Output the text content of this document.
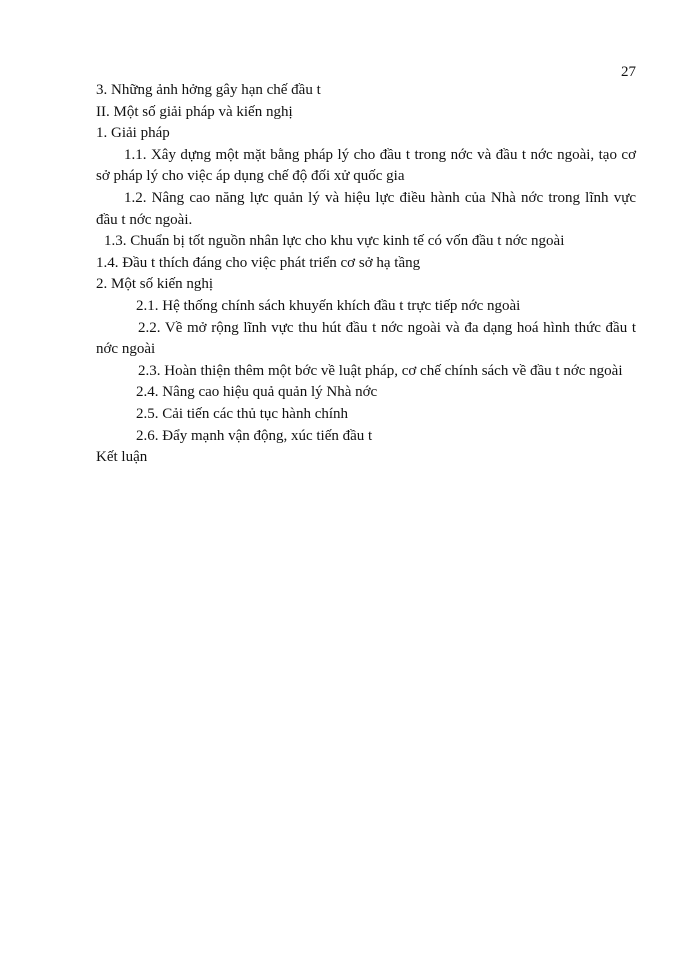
27

3. Những ảnh hởng gây hạn chế đầu t

II. Một số giải pháp và kiến nghị

1. Giải pháp

1.1. Xây dựng một mặt bằng pháp lý cho đầu t trong nớc và đầu t nớc ngoài, tạo cơ sở pháp lý cho việc áp dụng chế độ đối xử quốc gia

1.2. Nâng cao năng lực quản lý và hiệu lực điều hành của Nhà nớc trong lĩnh vực đầu t nớc ngoài.

1.3. Chuẩn bị tốt nguồn nhân lực cho khu vực kinh tế có vốn đầu t nớc ngoài

1.4. Đầu t thích đáng cho việc phát triển cơ sở hạ tầng

2. Một số kiến nghị

2.1. Hệ thống chính sách khuyến khích đầu t trực tiếp nớc ngoài

2.2. Về mở rộng lĩnh vực thu hút đầu t nớc ngoài và đa dạng hoá hình thức đầu t nớc ngoài

2.3. Hoàn thiện thêm một bớc về luật pháp, cơ chế chính sách về đầu t nớc ngoài

2.4. Nâng cao hiệu quả quản lý Nhà nớc

2.5. Cải tiến các thủ tục hành chính

2.6. Đẩy mạnh vận động, xúc tiến đầu t

Kết luận
